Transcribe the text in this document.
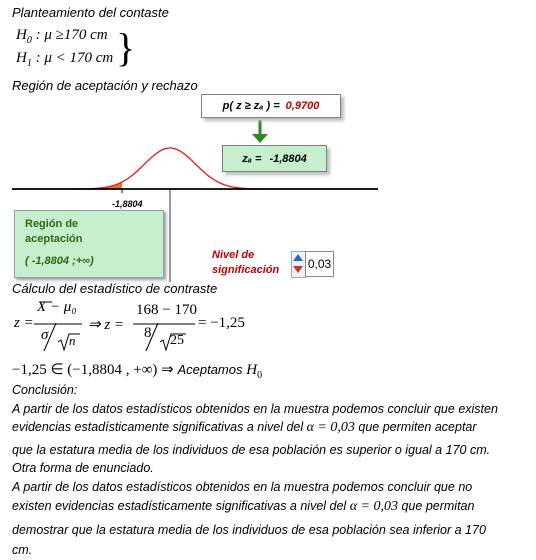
Planteamiento del contaste
$H_0$ : μ ≥170 cm
$H_1$ : μ < 170 cm }
Región de aceptación y rechazo
-1,8804
p( z ≥ zₐ ) = 0,9700
zₐ = -1,8804
Región de aceptación
( -1,8804 ;+∞)	Nivel de
significación 0,03
Cálculo del estadístico de contraste
z =
X − μ₀
σ n
⇒ z =
168 − 170
8 25
= −1,25
−1,25 ∈ (−1,8804 , +∞) ⇒ Aceptamos $H_0$
Conclusión:
A partir de los datos estadísticos obtenidos en la muestra podemos concluir que existen
evidencias estadísticamente significativas a nivel del α = 0,03 que permiten aceptar
que la estatura media de los individuos de esa población es superior o igual a 170 cm.
Otra forma de enunciado.
A partir de los datos estadísticos obtenidos en la muestra podemos concluir que no
existen evidencias estadísticamente significativas a nivel del α = 0,03 que permitan
demostrar que la estatura media de los individuos de esa población sea inferior a 170
cm.
